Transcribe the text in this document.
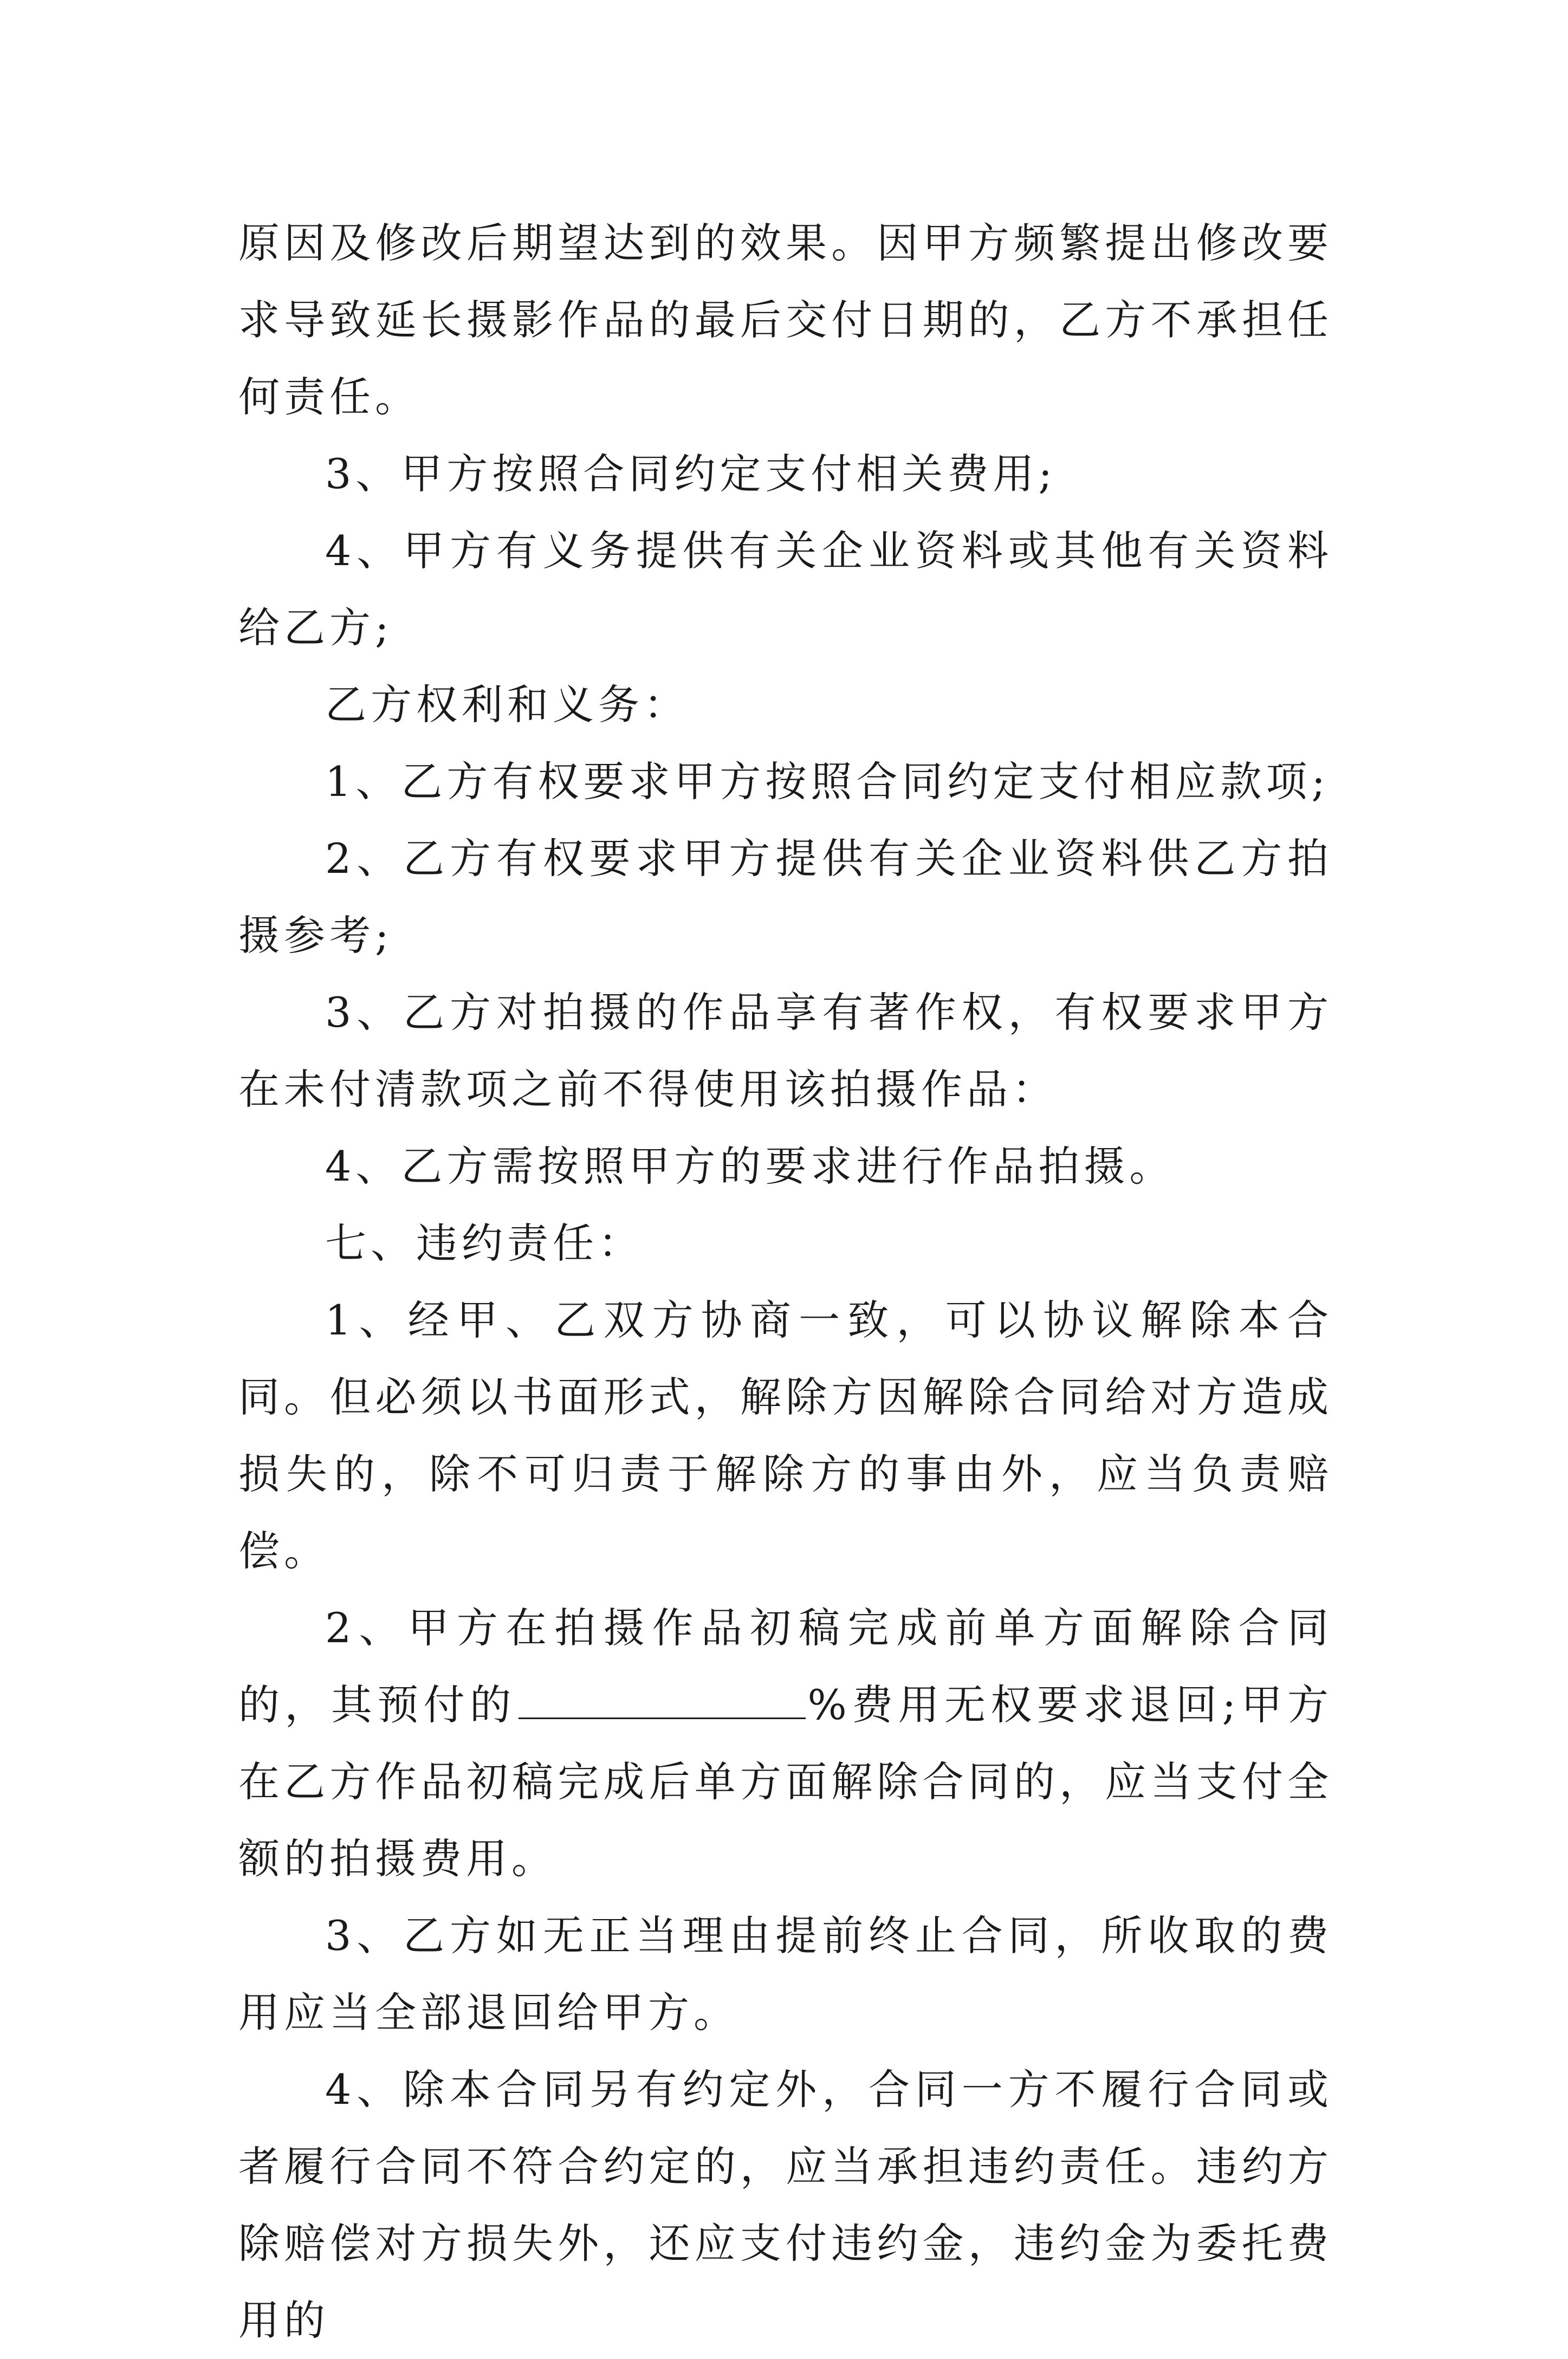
原因及修改后期望达到的效果。因甲方频繁提出修改要求导致延长摄影作品的最后交付日期的，乙方不承担任何责任。

3、甲方按照合同约定支付相关费用;

4、甲方有义务提供有关企业资料或其他有关资料给乙方;

乙方权利和义务：

1、乙方有权要求甲方按照合同约定支付相应款项;

2、乙方有权要求甲方提供有关企业资料供乙方拍摄参考;

3、乙方对拍摄的作品享有著作权，有权要求甲方在未付清款项之前不得使用该拍摄作品：

4、乙方需按照甲方的要求进行作品拍摄。

七、违约责任：

1、经甲、乙双方协商一致，可以协议解除本合同。但必须以书面形式，解除方因解除合同给对方造成损失的，除不可归责于解除方的事由外，应当负责赔偿。

2、甲方在拍摄作品初稿完成前单方面解除合同的，其预付的	%费用无权要求退回;甲方在乙方作品初稿完成后单方面解除合同的，应当支付全额的拍摄费用。

3、乙方如无正当理由提前终止合同，所收取的费用应当全部退回给甲方。

4、除本合同另有约定外，合同一方不履行合同或者履行合同不符合约定的，应当承担违约责任。违约方除赔偿对方损失外，还应支付违约金，违约金为委托费用的
